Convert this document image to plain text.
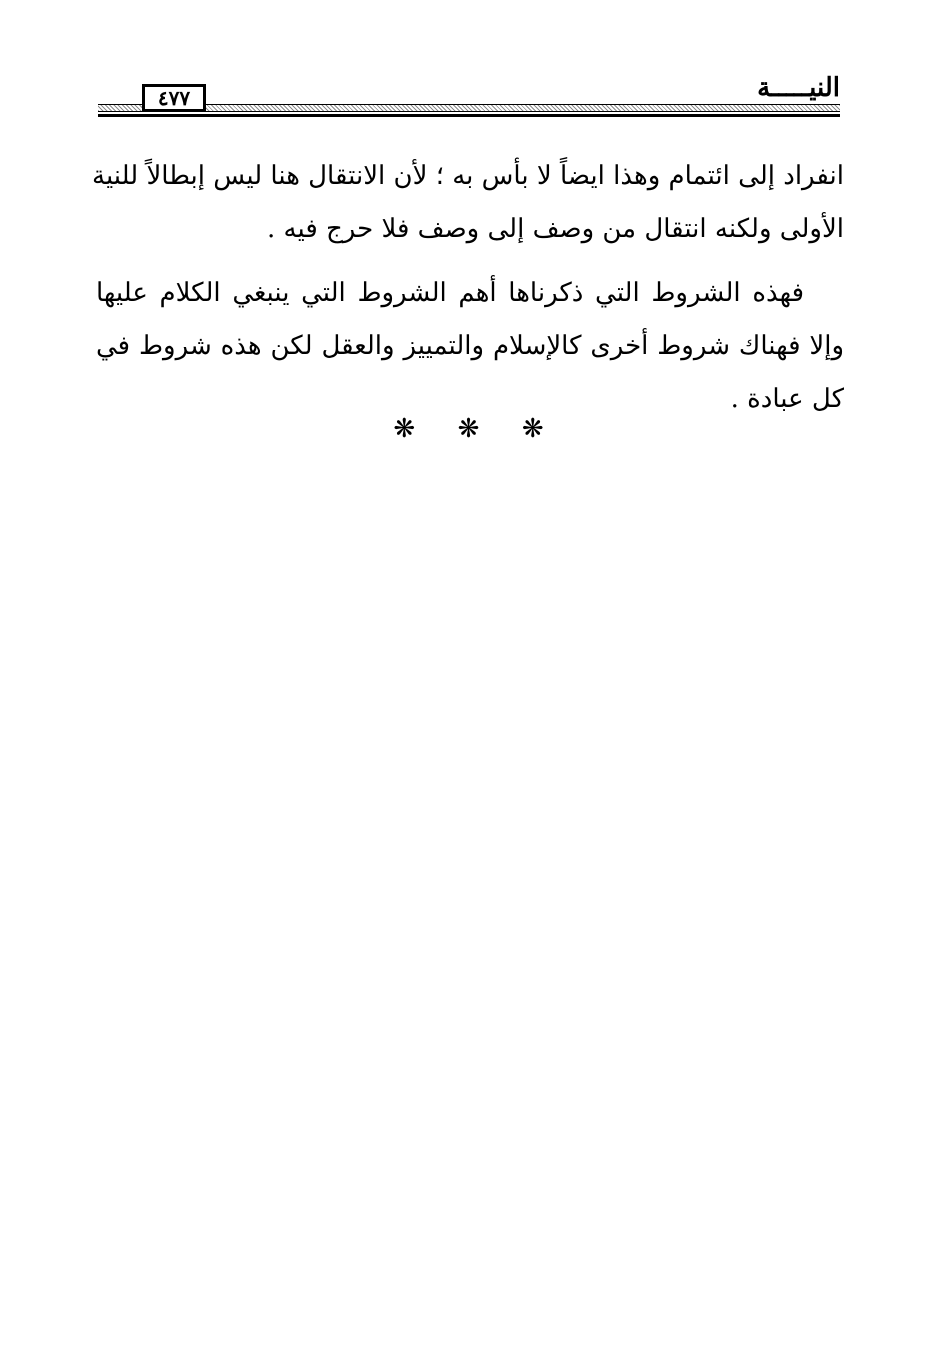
النيـــــة
٤٧٧

انفراد إلى ائتمام وهذا ايضاً لا بأس به ؛ لأن الانتقال هنا ليس إبطالاً للنية
الأولى ولكنه انتقال من وصف إلى وصف فلا حرج فيه .

فهذه الشروط التي ذكرناها أهم الشروط التي ينبغي الكلام عليها
وإلا فهناك شروط أخرى كالإسلام والتمييز والعقل لكن هذه شروط في
كل عبادة .

❋ ❋ ❋
